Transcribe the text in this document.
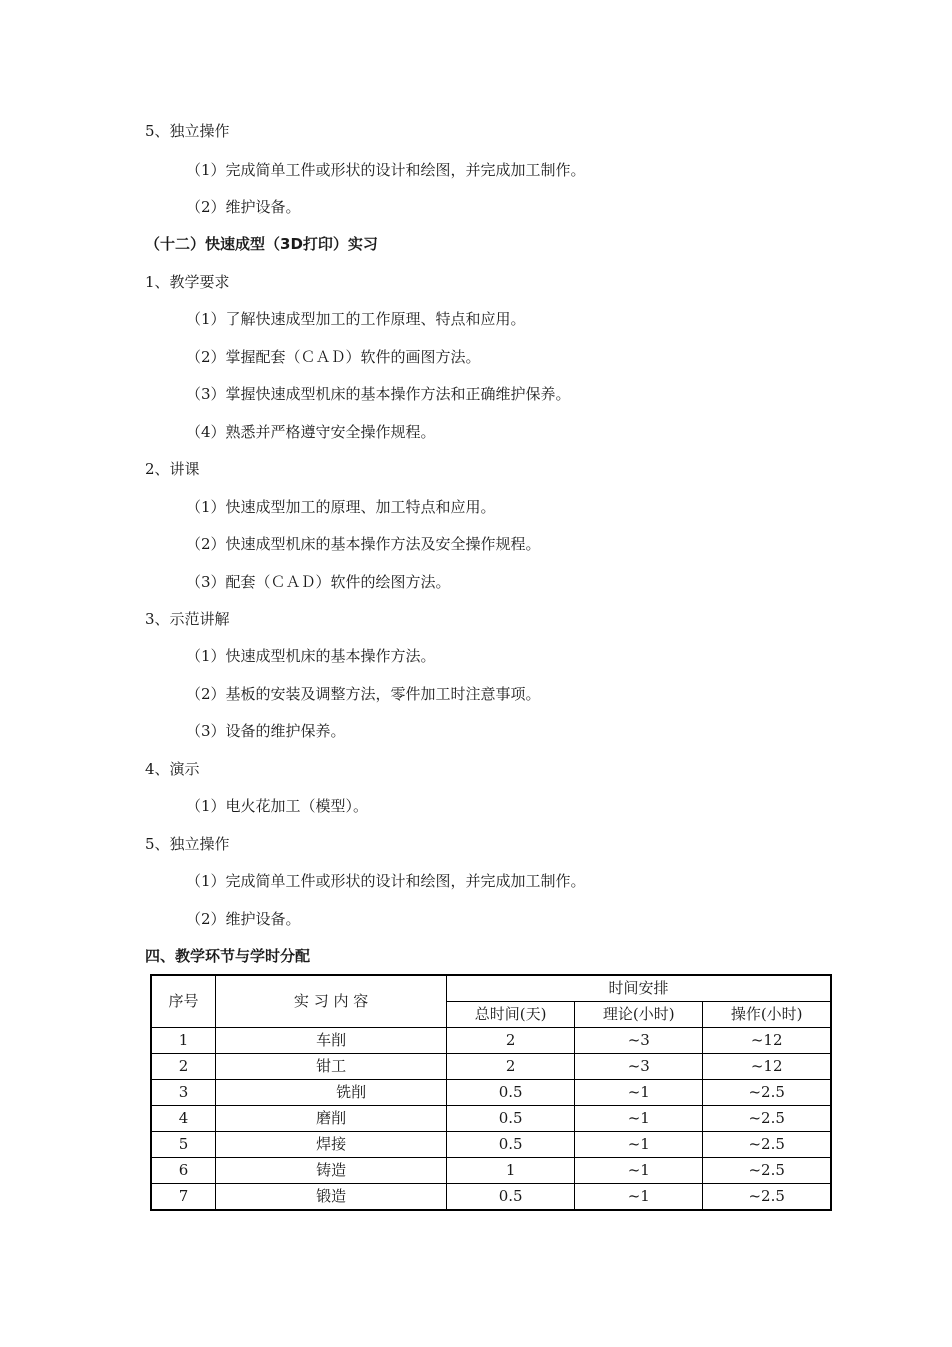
5、独立操作
（1）完成简单工件或形状的设计和绘图，并完成加工制作。
（2）维护设备。
（十二）快速成型（3D打印）实习
1、教学要求
（1）了解快速成型加工的工作原理、特点和应用。
（2）掌握配套（ＣＡＤ）软件的画图方法。
（3）掌握快速成型机床的基本操作方法和正确维护保养。
（4）熟悉并严格遵守安全操作规程。
2、讲课
（1）快速成型加工的原理、加工特点和应用。
（2）快速成型机床的基本操作方法及安全操作规程。
（3）配套（ＣＡＤ）软件的绘图方法。
3、示范讲解
（1）快速成型机床的基本操作方法。
（2）基板的安装及调整方法，零件加工时注意事项。
（3）设备的维护保养。
4、演示
（1）电火花加工（模型）。
5、独立操作
（1）完成简单工件或形状的设计和绘图，并完成加工制作。
（2）维护设备。
四、教学环节与学时分配
序号	实 习 内 容	时间安排		
		总时间(天)	理论(小时)	操作(小时)
1	车削	2	~3	~12
2	钳工	2	~3	~12
3	铣削	0.5	~1	~2.5
4	磨削	0.5	~1	~2.5
5	焊接	0.5	~1	~2.5
6	铸造	1	~1	~2.5
7	锻造	0.5	~1	~2.5
